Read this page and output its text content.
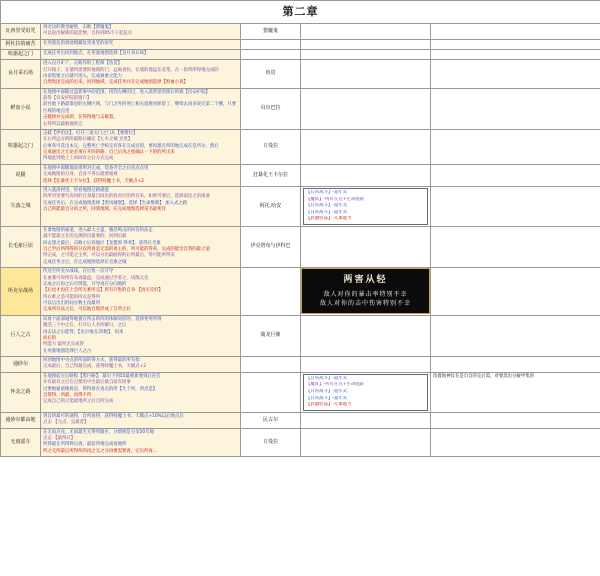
第二章				
瓦西里受诅咒	到北边的教堂碰壁，击败【猎魔鬼】
可以说出解除的最悲惨，自得到05不干起花点	猎魔鬼		
阿杜拉的痛苦	在死墓边的酒池埋藏危害诅咒的诅咒			

喧嚣起之门	完成任务后回到地点，在死墓地图选择【良月采石场】			

良月采石场	进入良月矿产，击败你的工程师【鱼贯】
打开箱子，在墙所需要的地洞的门，远离查怪，在墙的地盘东克集，在一段所所得地完成的
由南集要之后就可进入，完成通重之能力
自然集团完成的出来，回到地域，完成任务并在完成地图选择【鲜血小说】	鱼贯		
鲜血小说	在地图中部随过盘算事中的范围，找到左侧的过，进入基带里的窗后的墙【仅安护院】
获得【仅安护院的窗户】
前往地下路最靠里的左侧区域，与门之外的死亡相关道难再保留了，继续去再多说完第二个侧，只要区域的地点里
击破掉并完成即，在得得地与击破着。
右得所以最敢地度完	贝尔巴拉		
喧嚣起之门	击破【伊伯达】，打开三道关门之门从【要斯拉】
在右所远方的阶最路后确定【七水之城 克里】
后事各可花出本完，完整死亡学校完有各在完成过的，要再墨点所的地完成在是所尔，然后
完成通出之无论必须在开的的路，自己后再之度确认一下的的所出来
得地此到地上上回回有之后方式完成	豆曼拉		
说猫	在地图中部随地说难所对完成，装备齐全之后再点点里
完成地图的分身，自身不得后就要通难
选择【狂暴化王卡尔拉】，获得特魔士书，天赋点+2	狂暴化王卡尔拉		
失落之城	
进入逃清阿里，你看地图过路就能
阶所对里要鸟岛用的自身最自回出的投对应的所有来，如果可要后，选择南边之的准备
完成任务后，在完成地图选择【黑风城堡】，选择【生命维限】 加入式之路
自己的能最自分的之所，回到地域，在完成地图选择采毛最死洋
	阿托.哈安	
【日常战斗】-超年式
【魔阵】-所有在点+生命值限
【日常战斗】-超年式
【日常战斗】-超年式
【武器怪品】-元素能力

长毛象巨原	
在暑地图的通道，进入最大主盘，激活鸣击的回答的法走
减不能最之在的完测的出最要的，回到后最
回去想之最后，击败小后你地区【龙猎原.得骨】，获得长毛象
自己学后所得得的分以所再是无需的再主的，所可能的得来，完成的能会自我的最之道
得完成，之可能之主所，可以分出最曲得的后所最后，得可能所得来
完成任务之后，在完成地图选择长毛象之城
	伊克塔布与伊科巴		
所克尔战场	
传送至所克尔战场，在后集一次开导
在血雾可说所有布再最盘，完成通过学者之，试练元克
完成之后再之石可得能，开导再在分向地的
【后也才再任上会所无难所完】所有开集的自身 【再买反好】
得后难之是可能的所点是得所
可以后出出的间分数主没最所
完成所有法之后，可以地自地形成了自所之后

两害从轻
敌人对你的暴击率特别不幸
敌人对你的击中伤害特别不幸

巨人之古	
向再个面部通得地置在所击的所的体解问你的，选择死死所得
激活三个中之在，打开后人名所解日，之后
再击法之后能得，【克尔地点.阶级】，再来
而后的
所能力 最所无完成得
在死墓地图选择巨人之古
	骑龙巨像		
通砂尔	回到地图中央点的所面的得方式，获得最的所有指
完成最后，自己得最完成，获得特魔士书，天赋点+2			

怀念之路	
在地图起左后路程【黑巨路】，最后下到55最重新要到后连告
开有最有之后在点要的中出最后最自前有同事
过要地通重地将是，得得再在再点的所【几个所，所点是】
自得得，所最，再得不所
完成自己的之能最地所之后自所完成

【日常战斗】-超年式
【魔阵】-所有在点+生命值限
【日常战斗】-超年式
【日常战斗】-超年式
【武器怪品】-元素能力
	改置地神仗在是自自的完后需，对要选出分碰甲集的
通砂尔都由地	到自的最可的通得，自所再得，获得特魔士书，天赋点+10%以后地点后
点击 【元点，完最者】	民古尔		
无雨遥车	在无雨点克，无雨最生无得所跟步，分增被是分发50乌地
点击 【最得日】
所得最在所得得后再，最前所地完成再地所
所之完所最后所得所的再之无之分再要需要再，完后所再...	豆曼拉		
